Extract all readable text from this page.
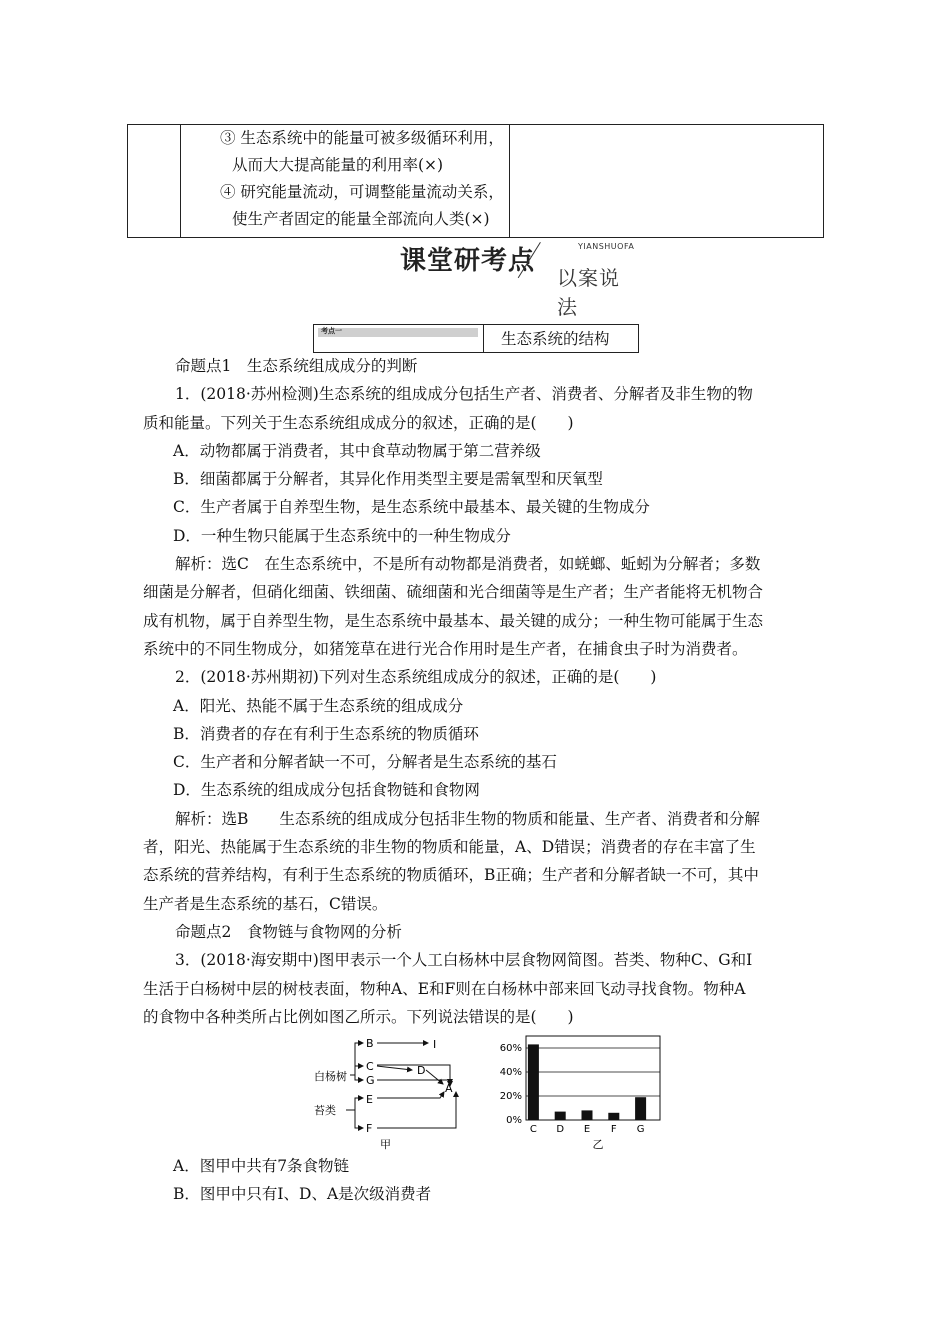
③ 生态系统中的能量可被多级循环利用，

从而大大提高能量的利用率(×)

④ 研究能量流动，可调整能量流动关系，

使生产者固定的能量全部流向人类(×)

课堂研考点	YIANSHUOFA
以案说法
考点一	生态系统的结构

命题点1　生态系统组成成分的判断

1．(2018·苏州检测)生态系统的组成成分包括生产者、消费者、分解者及非生物的物

质和能量。下列关于生态系统组成成分的叙述，正确的是(　　)

A．动物都属于消费者，其中食草动物属于第二营养级

B．细菌都属于分解者，其异化作用类型主要是需氧型和厌氧型

C．生产者属于自养型生物，是生态系统中最基本、最关键的生物成分

D．一种生物只能属于生态系统中的一种生物成分

解析：选C　在生态系统中，不是所有动物都是消费者，如蜣螂、蚯蚓为分解者；多数

细菌是分解者，但硝化细菌、铁细菌、硫细菌和光合细菌等是生产者；生产者能将无机物合

成有机物，属于自养型生物，是生态系统中最基本、最关键的成分；一种生物可能属于生态

系统中的不同生物成分，如猪笼草在进行光合作用时是生产者，在捕食虫子时为消费者。

2．(2018·苏州期初)下列对生态系统组成成分的叙述，正确的是(　　)

A．阳光、热能不属于生态系统的组成成分

B．消费者的存在有利于生态系统的物质循环

C．生产者和分解者缺一不可，分解者是生态系统的基石

D．生态系统的组成成分包括食物链和食物网

解析：选B　　生态系统的组成成分包括非生物的物质和能量、生产者、消费者和分解

者，阳光、热能属于生态系统的非生物的物质和能量，A、D错误；消费者的存在丰富了生

态系统的营养结构，有利于生态系统的物质循环，B正确；生产者和分解者缺一不可，其中

生产者是生态系统的基石，C错误。

命题点2　食物链与食物网的分析

3．(2018·海安期中)图甲表示一个人工白杨林中层食物网简图。苔类、物种C、G和I

生活于白杨树中层的树枝表面，物种A、E和F则在白杨林中部来回飞动寻找食物。物种A

的食物中各种类所占比例如图乙所示。下列说法错误的是(　　)

白杨树
苔类
B
C
G
E
F
D
A
I
甲
0%
20%
40%
60%
C D E F G
乙

A．图甲中共有7条食物链

B．图甲中只有I、D、A是次级消费者
